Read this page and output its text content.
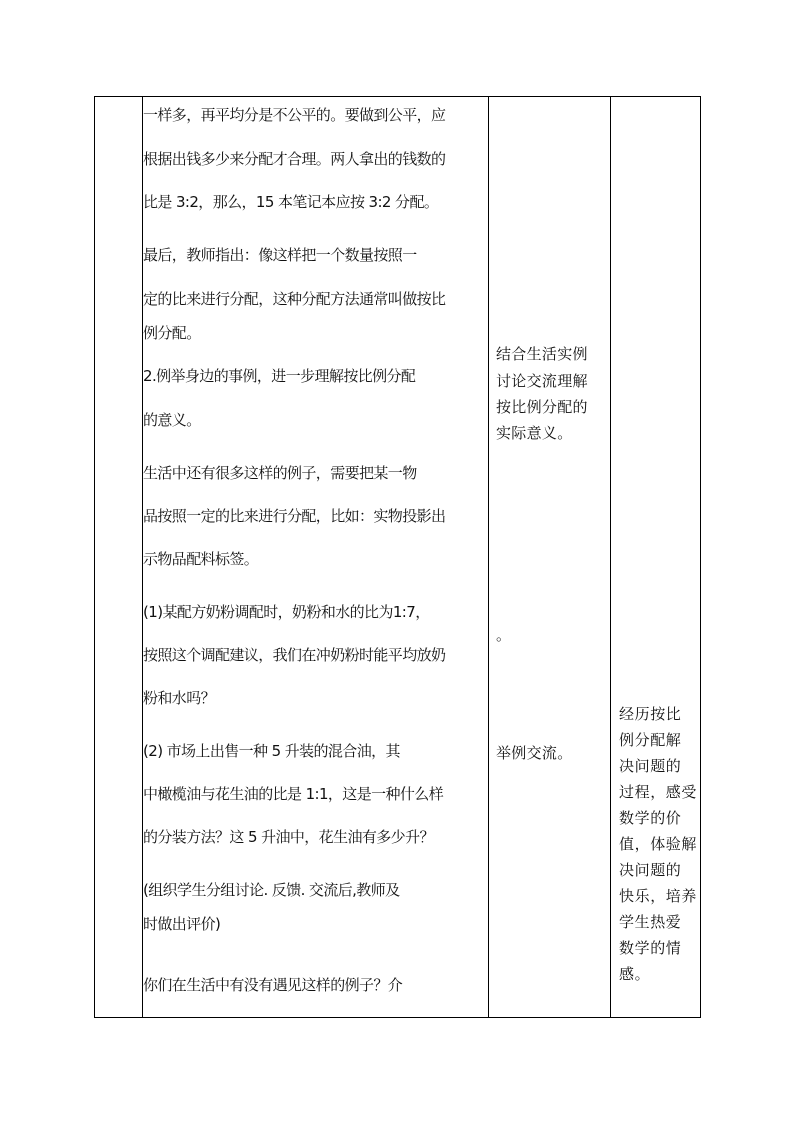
一样多，再平均分是不公平的。要做到公平，应
根据出钱多少来分配才合理。两人拿出的钱数的
比是 3:2，那么，15 本笔记本应按 3:2 分配。
最后，教师指出：像这样把一个数量按照一
定的比来进行分配，这种分配方法通常叫做按比
例分配。
2.例举身边的事例，进一步理解按比例分配
的意义。
生活中还有很多这样的例子，需要把某一物
品按照一定的比来进行分配，比如：实物投影出
示物品配料标签。
(1)某配方奶粉调配时，奶粉和水的比为1:7，
按照这个调配建议，我们在冲奶粉时能平均放奶
粉和水吗？
(2) 市场上出售一种 5 升装的混合油，其
中橄榄油与花生油的比是 1:1，这是一种什么样
的分装方法？这 5 升油中，花生油有多少升？
(组织学生分组讨论. 反馈. 交流后,教师及
时做出评价)
你们在生活中有没有遇见这样的例子？介
结合生活实例
讨论交流理解
按比例分配的
实际意义。
。
举例交流。
经历按比
例分配解
决问题的
过程，感受
数学的价
值，体验解
决问题的
快乐，培养
学生热爱
数学的情
感。
